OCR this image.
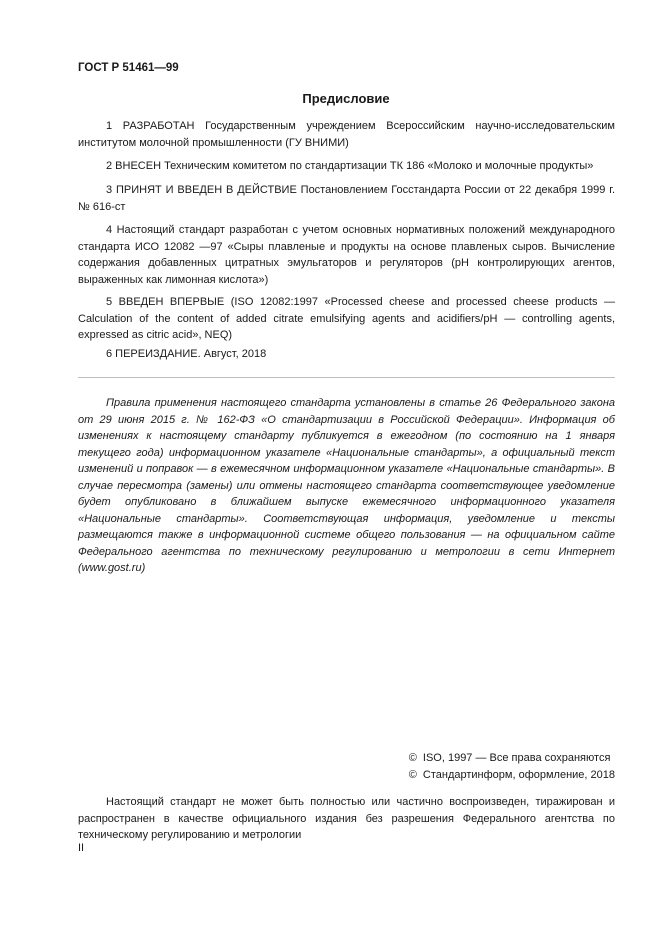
ГОСТ Р 51461—99
Предисловие

1 РАЗРАБОТАН Государственным учреждением Всероссийским научно-исследовательским институтом молочной промышленности (ГУ ВНИМИ)

2 ВНЕСЕН Техническим комитетом по стандартизации ТК 186 «Молоко и молочные продукты»

3 ПРИНЯТ И ВВЕДЕН В ДЕЙСТВИЕ Постановлением Госстандарта России от 22 декабря 1999 г. № 616-ст

4 Настоящий стандарт разработан с учетом основных нормативных положений международного стандарта ИСО 12082 —97 «Сыры плавленые и продукты на основе плавленых сыров. Вычисление содержания добавленных цитратных эмульгаторов и регуляторов (рН контролирующих агентов, выраженных как лимонная кислота»)

5 ВВЕДЕН ВПЕРВЫЕ (ISO 12082:1997 «Processed cheese and processed cheese products — Calculation of the content of added citrate emulsifying agents and acidifiers/pH — controlling agents, expressed as citric acid», NEQ)

6 ПЕРЕИЗДАНИЕ. Август, 2018

Правила применения настоящего стандарта установлены в статье 26 Федерального закона от 29 июня 2015 г. № 162-ФЗ «О стандартизации в Российской Федерации». Информация об изменениях к настоящему стандарту публикуется в ежегодном (по состоянию на 1 января текущего года) информационном указателе «Национальные стандарты», а официальный текст изменений и поправок — в ежемесячном информационном указателе «Национальные стандарты». В случае пересмотра (замены) или отмены настоящего стандарта соответствующее уведомление будет опубликовано в ближайшем выпуске ежемесячного информационного указателя «Национальные стандарты». Соответствующая информация, уведомление и тексты размещаются также в информационной системе общего пользования — на официальном сайте Федерального агентства по техническому регулированию и метрологии в сети Интернет (www.gost.ru)

© ISO, 1997 — Все права сохраняются
© Стандартинформ, оформление, 2018

Настоящий стандарт не может быть полностью или частично воспроизведен, тиражирован и распространен в качестве официального издания без разрешения Федерального агентства по техническому регулированию и метрологии

II
